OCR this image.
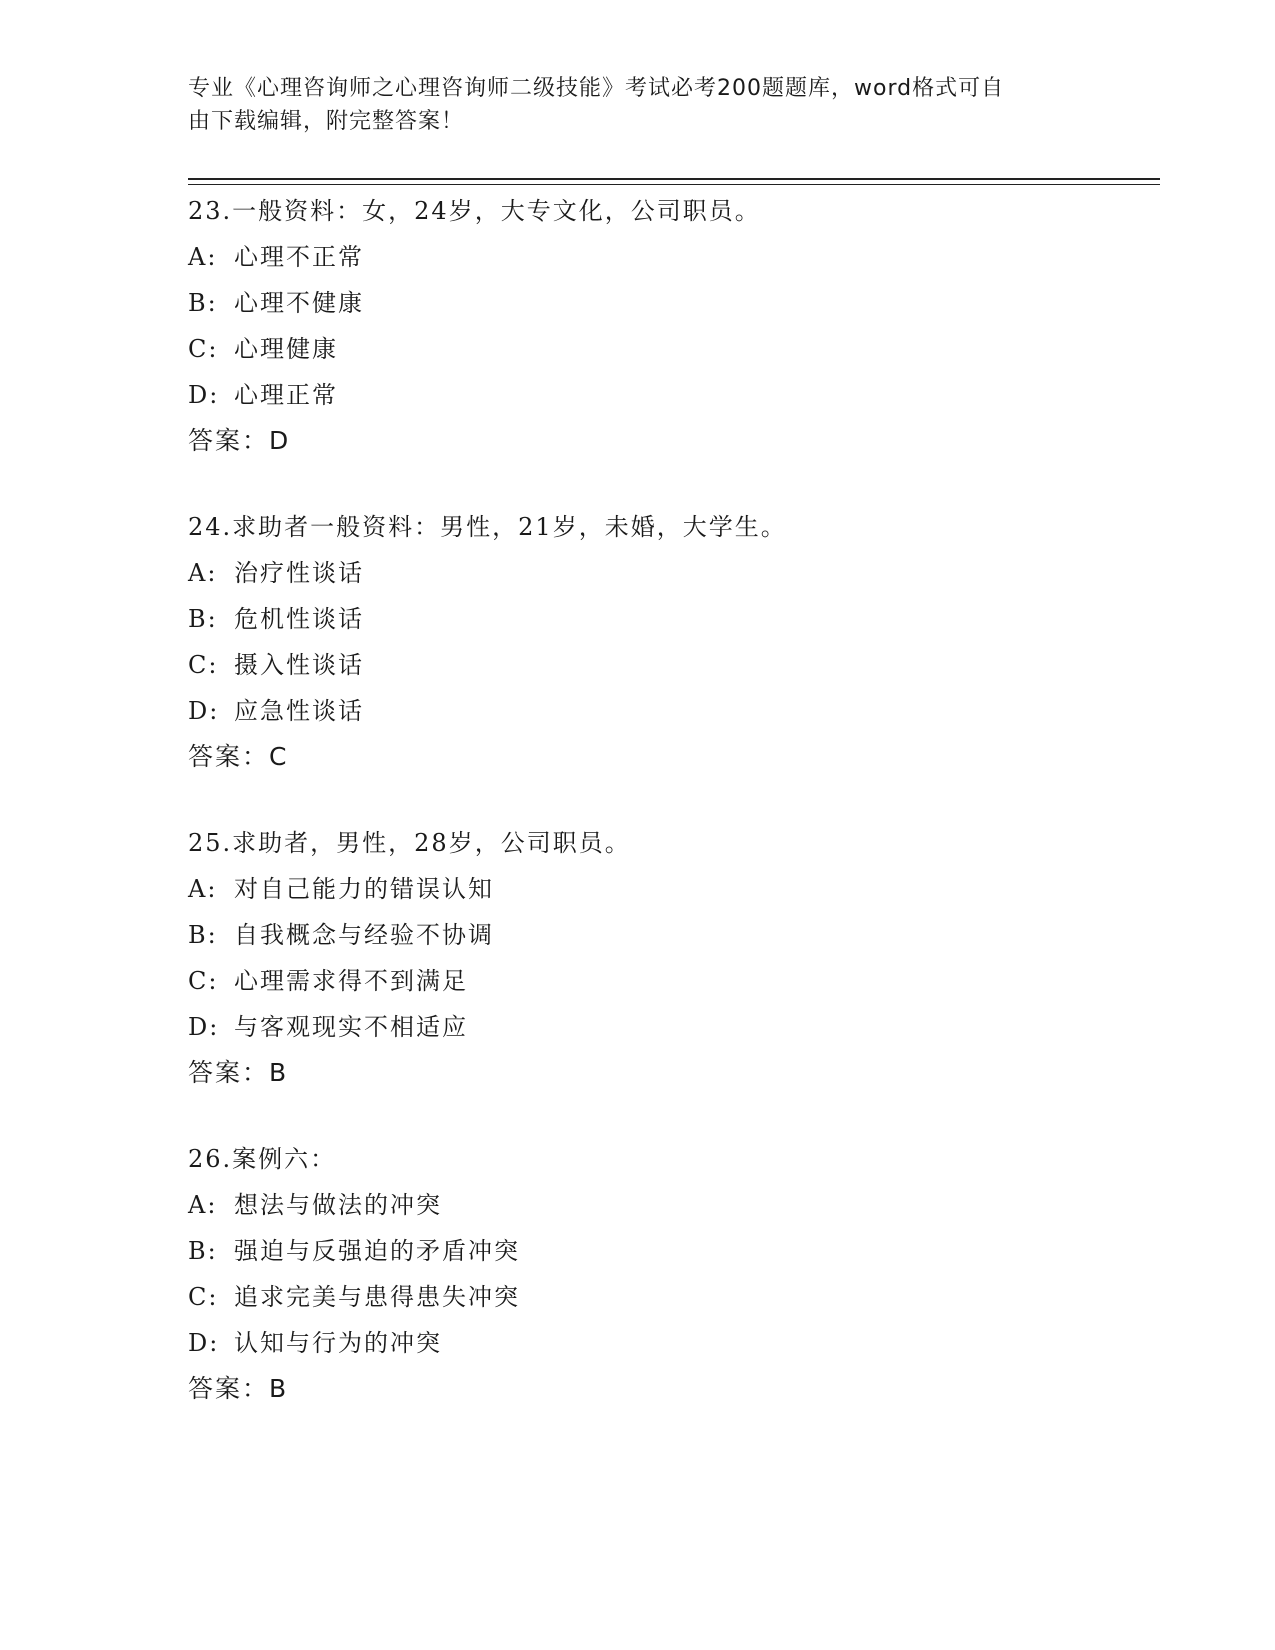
专业《心理咨询师之心理咨询师二级技能》考试必考200题题库，word格式可自
由下载编辑，附完整答案！
23.一般资料：女，24岁，大专文化，公司职员。
A: 心理不正常
B: 心理不健康
C: 心理健康
D: 心理正常
答案：D
24.求助者一般资料：男性，21岁，未婚，大学生。
A: 治疗性谈话
B: 危机性谈话
C: 摄入性谈话
D: 应急性谈话
答案：C
25.求助者，男性，28岁，公司职员。
A: 对自己能力的错误认知
B: 自我概念与经验不协调
C: 心理需求得不到满足
D: 与客观现实不相适应
答案：B
26.案例六：
A: 想法与做法的冲突
B: 强迫与反强迫的矛盾冲突
C: 追求完美与患得患失冲突
D: 认知与行为的冲突
答案：B
